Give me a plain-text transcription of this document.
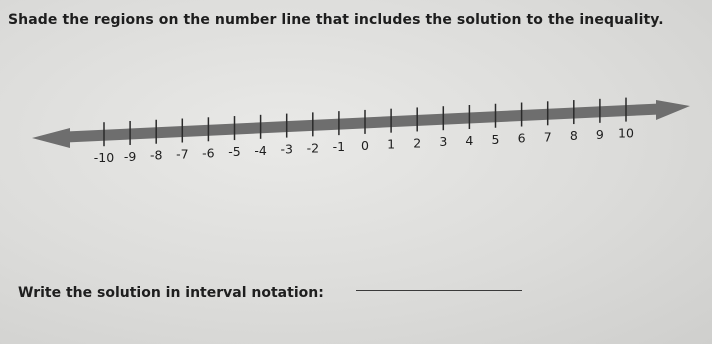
Shade the regions on the number line that includes the solution to the inequality.

-10 -9 -8 -7 -6 -5 -4 -3 -2 -1 0 1 2 3 4 5 6 7 8 9 10

Write the solution in interval notation:
